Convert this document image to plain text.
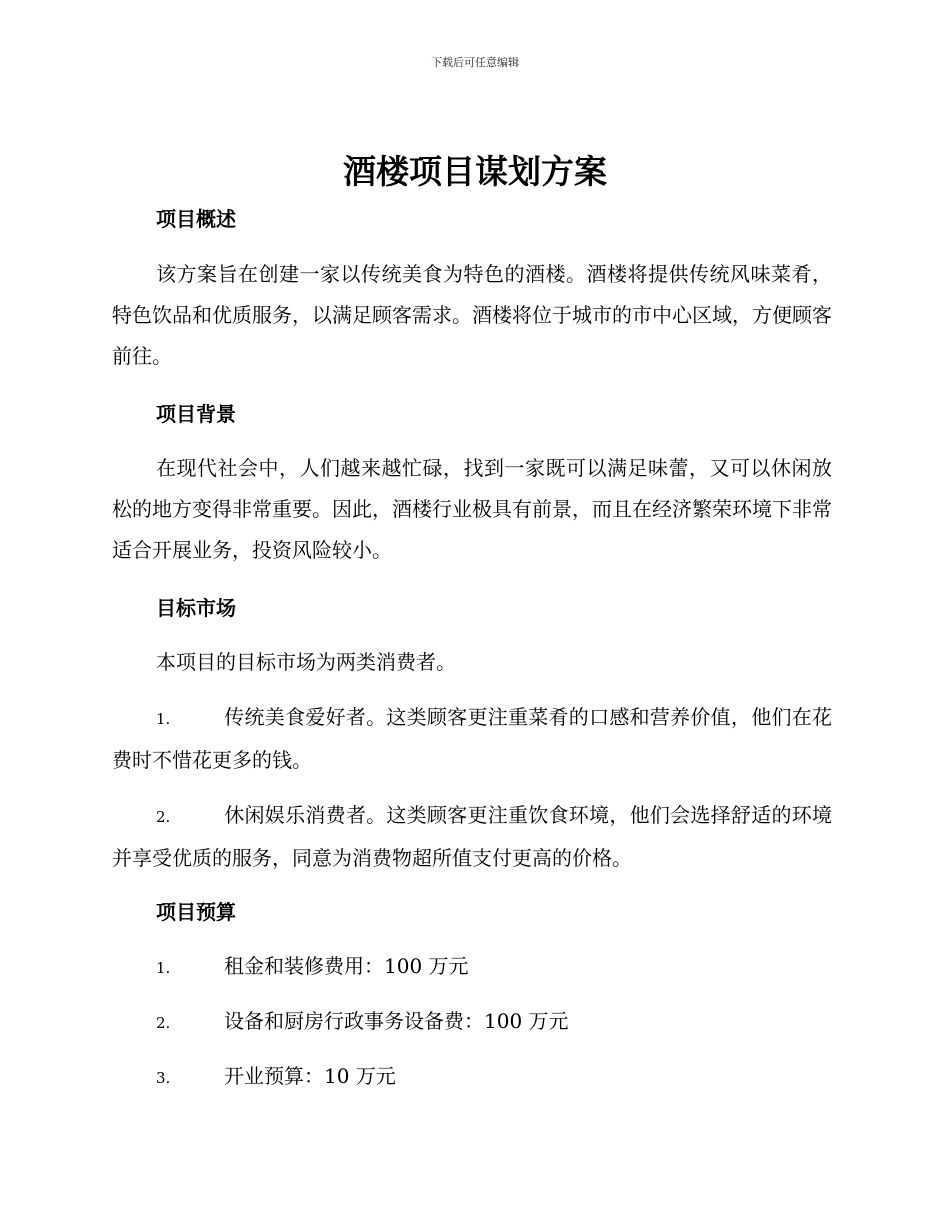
下载后可任意编辑
酒楼项目谋划方案
项目概述

该方案旨在创建一家以传统美食为特色的酒楼。酒楼将提供传统风味菜肴，特色饮品和优质服务，以满足顾客需求。酒楼将位于城市的市中心区域，方便顾客前往。

项目背景

在现代社会中，人们越来越忙碌，找到一家既可以满足味蕾，又可以休闲放松的地方变得非常重要。因此，酒楼行业极具有前景，而且在经济繁荣环境下非常适合开展业务，投资风险较小。

目标市场

本项目的目标市场为两类消费者。

1.	传统美食爱好者。这类顾客更注重菜肴的口感和营养价值，他们在花费时不惜花更多的钱。
2.	休闲娱乐消费者。这类顾客更注重饮食环境，他们会选择舒适的环境并享受优质的服务，同意为消费物超所值支付更高的价格。
项目预算
1.	租金和装修费用：100 万元
2.	设备和厨房行政事务设备费：100 万元
3.	开业预算：10 万元
